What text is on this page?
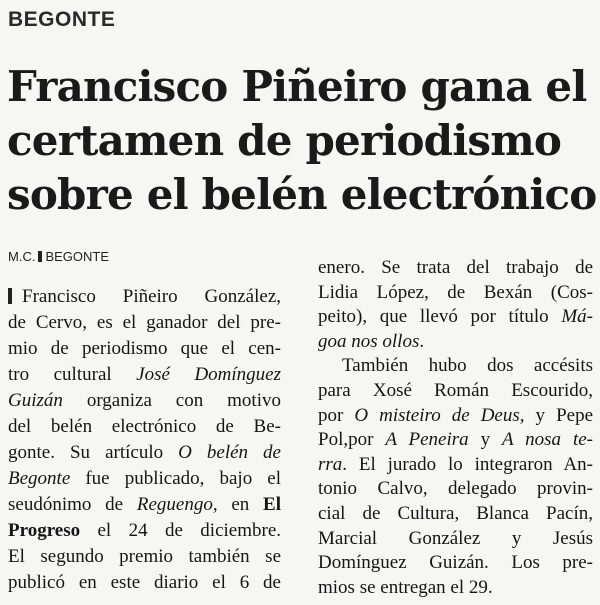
BEGONTE
Francisco Piñeiro gana el certamen de periodismo sobre el belén electrónico
M.C. BEGONTE
Francisco Piñeiro González,
de Cervo, es el ganador del pre-
mio de periodismo que el cen-
tro cultural José Domínguez
Guizán organiza con motivo
del belén electrónico de Be-
gonte. Su artículo O belén de
Begonte fue publicado, bajo el
seudónimo de Reguengo, en El
Progreso el 24 de diciembre.
El segundo premio también se
publicó en este diario el 6 de
enero. Se trata del trabajo de
Lidia López, de Bexán (Cos-
peito), que llevó por título Má-
goa nos ollos.
También hubo dos accésits
para Xosé Román Escourido,
por O misteiro de Deus, y Pepe
Pol,por A Peneira y A nosa te-
rra. El jurado lo integraron An-
tonio Calvo, delegado provin-
cial de Cultura, Blanca Pacín,
Marcial González y Jesús
Domínguez Guizán. Los pre-
mios se entregan el 29.
